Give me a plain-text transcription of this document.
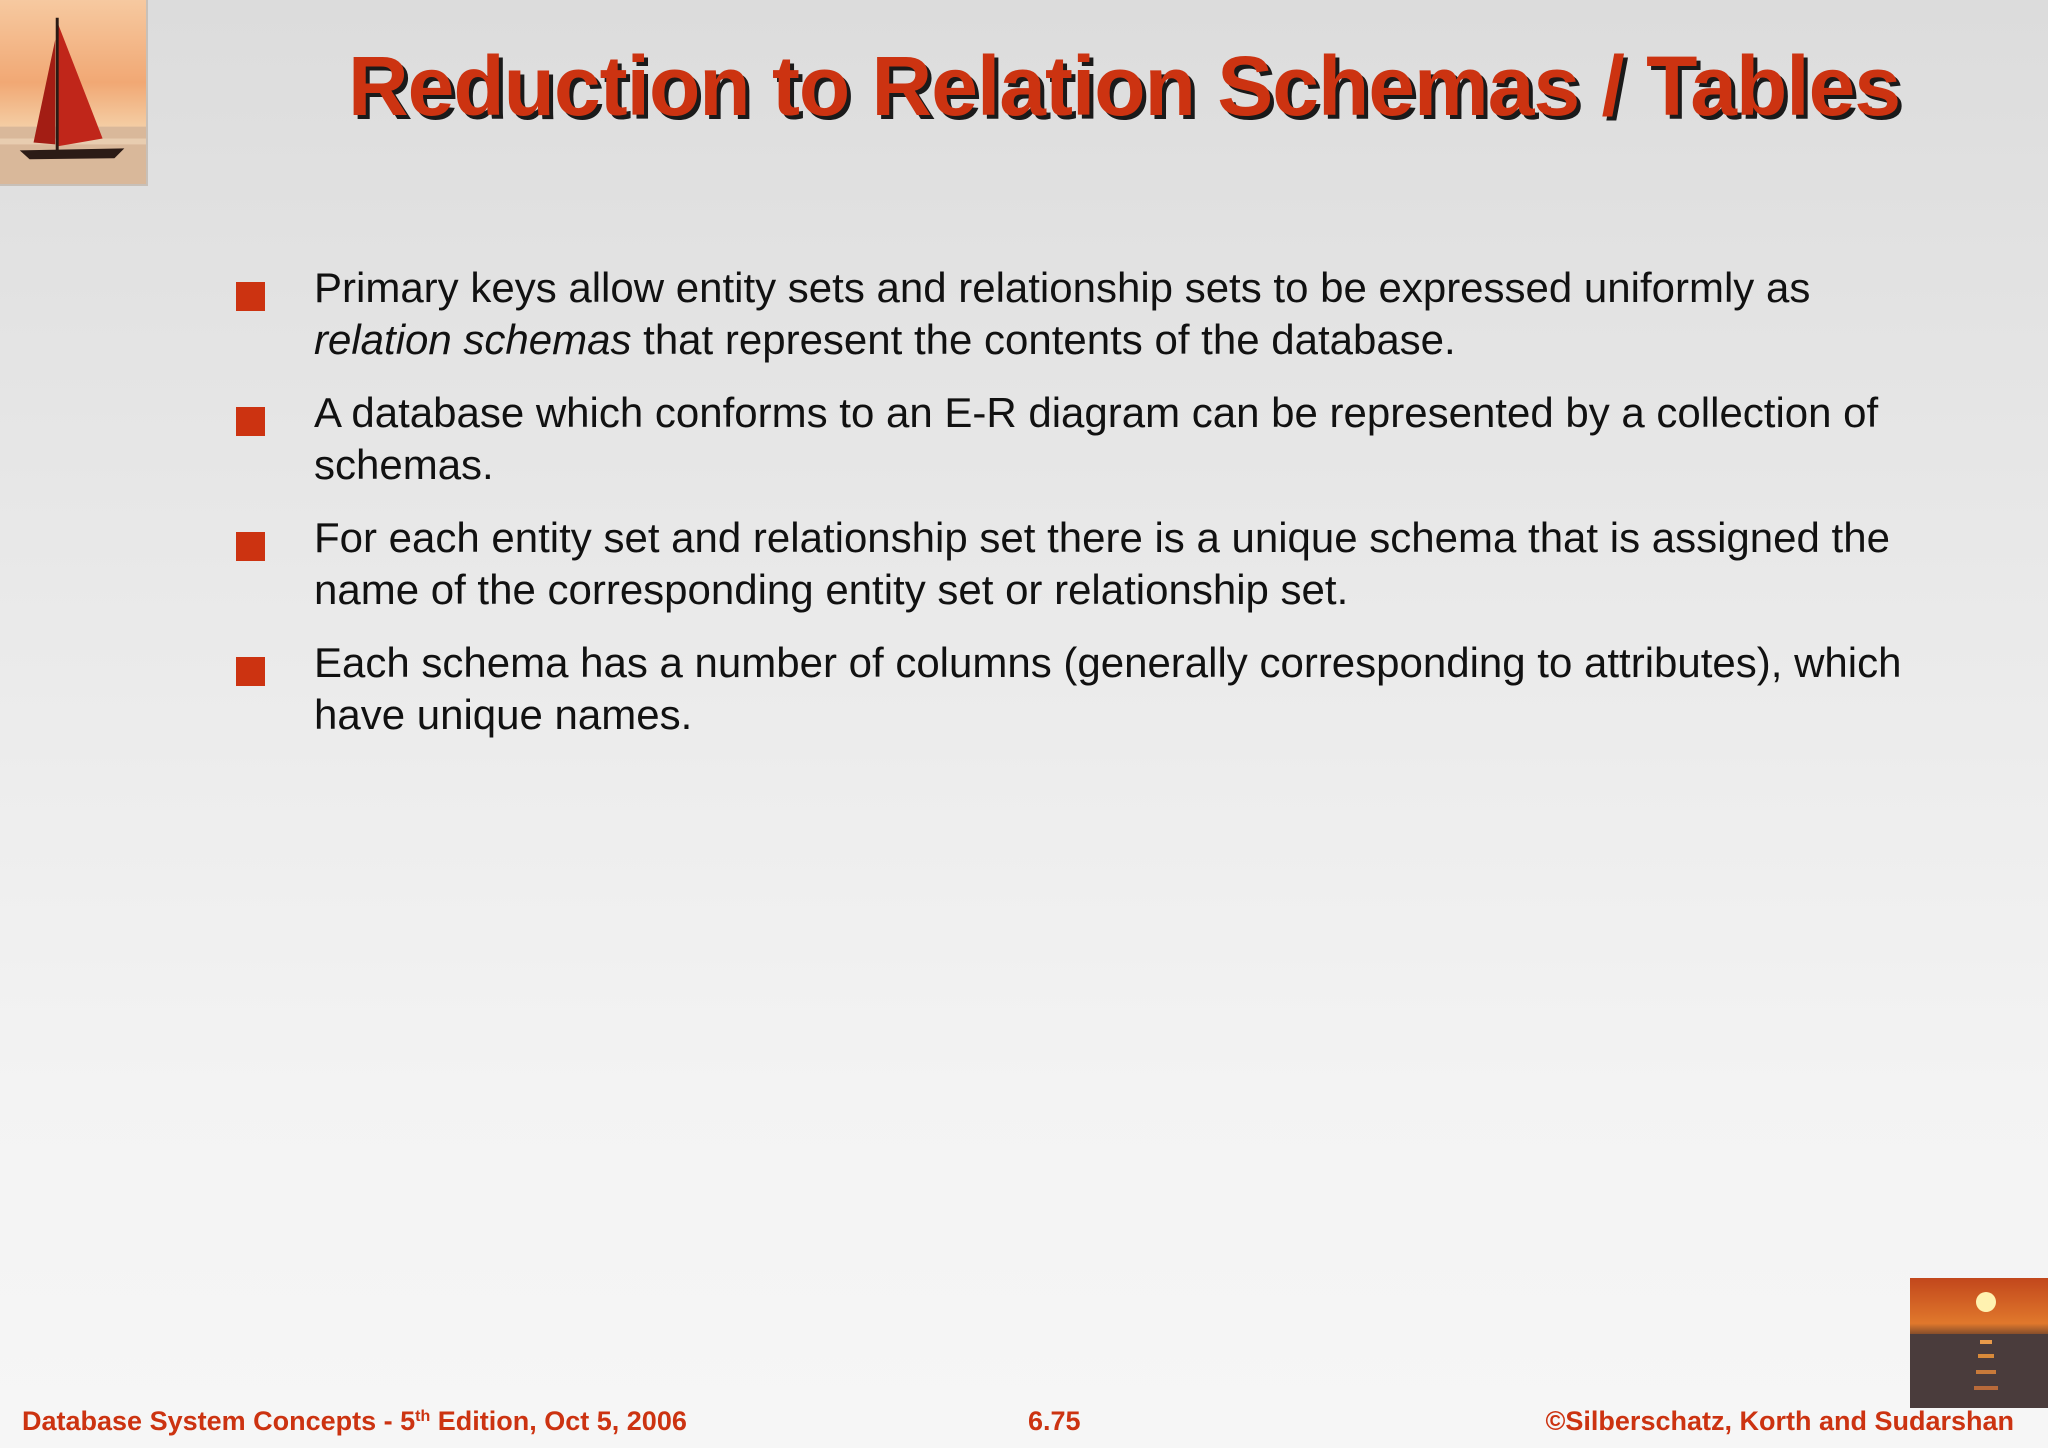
Reduction to Relation Schemas / Tables
Primary keys allow entity sets and relationship sets to be expressed uniformly as relation schemas that represent the contents of the database.
A database which conforms to an E-R diagram can be represented by a collection of schemas.
For each entity set and relationship set there is a unique schema that is assigned the name of the corresponding entity set or relationship set.
Each schema has a number of columns (generally corresponding to attributes), which have unique names.
Database System Concepts - 5th Edition, Oct 5, 2006	6.75	©Silberschatz, Korth and Sudarshan
